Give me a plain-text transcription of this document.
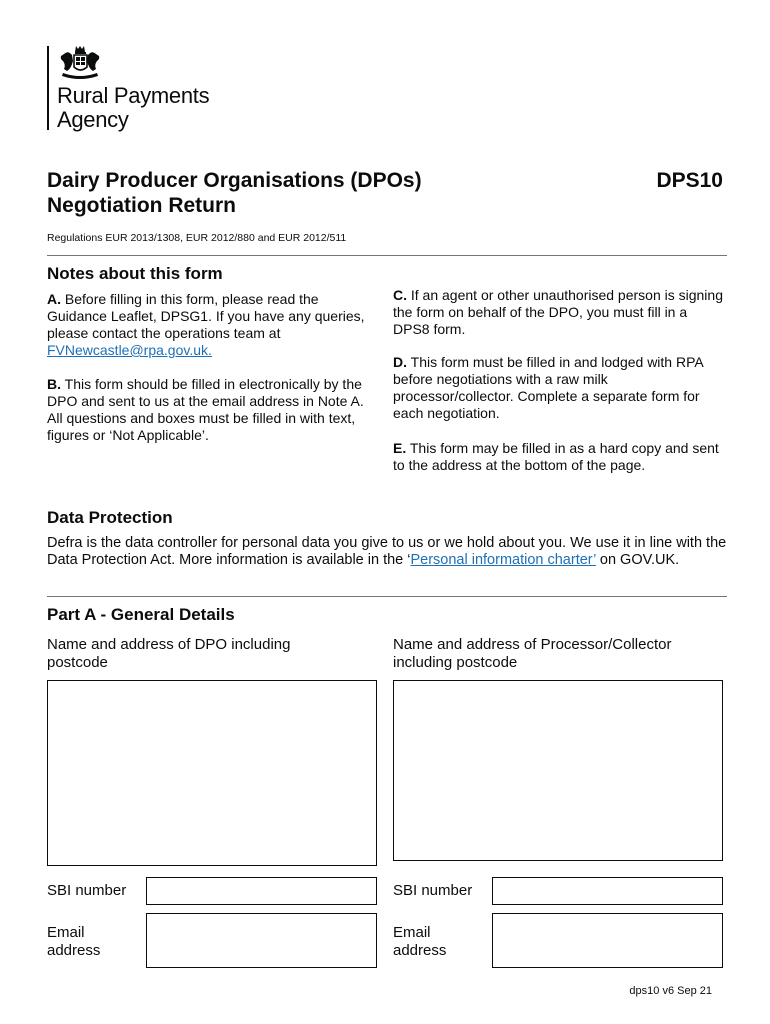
Rural Payments
Agency
Dairy Producer Organisations (DPOs)
Negotiation Return
DPS10
Regulations EUR 2013/1308, EUR 2012/880 and EUR 2012/511
Notes about this form
A. Before filling in this form, please read the Guidance Leaflet, DPSG1. If you have any queries, please contact the operations team at FVNewcastle@rpa.gov.uk.
B. This form should be filled in electronically by the DPO and sent to us at the email address in Note A.
All questions and boxes must be filled in with text, figures or ‘Not Applicable’.
C. If an agent or other unauthorised person is signing the form on behalf of the DPO, you must fill in a DPS8 form.
D. This form must be filled in and lodged with RPA before negotiations with a raw milk processor/collector. Complete a separate form for each negotiation.
E. This form may be filled in as a hard copy and sent to the address at the bottom of the page.
Data Protection
Defra is the data controller for personal data you give to us or we hold about you. We use it in line with the Data Protection Act. More information is available in the ‘Personal information charter’ on GOV.UK.
Part A - General Details
Name and address of DPO including postcode
Name and address of Processor/Collector including postcode
SBI number	SBI number
Email
address
Email
address
dps10 v6 Sep 21
